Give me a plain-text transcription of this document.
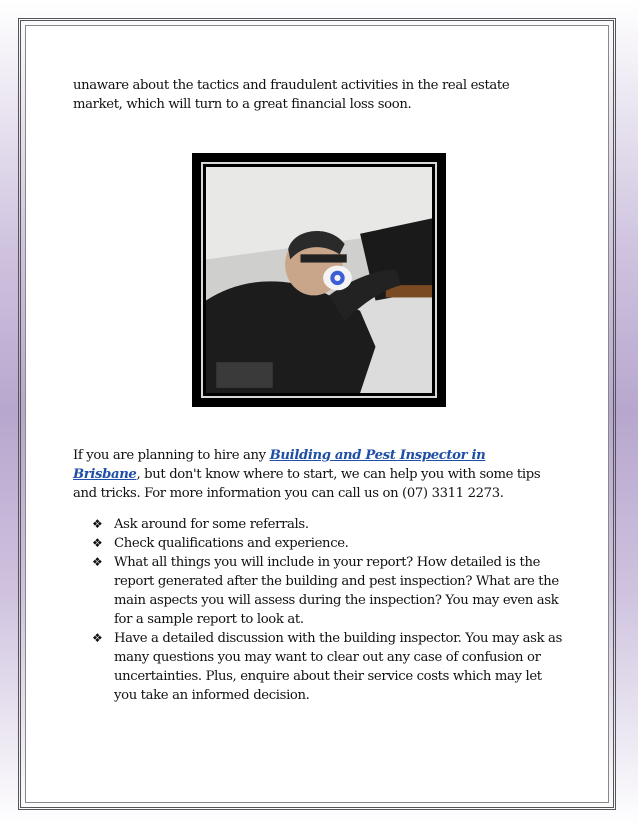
unaware about the tactics and fraudulent activities in the real estate market, which will turn to a great financial loss soon.

If you are planning to hire any Building and Pest Inspector in Brisbane, but don't know where to start, we can help you with some tips and tricks. For more information you can call us on (07) 3311 2273.

❖ Ask around for some referrals.
❖ Check qualifications and experience.
❖ What all things you will include in your report? How detailed is the report generated after the building and pest inspection? What are the main aspects you will assess during the inspection? You may even ask for a sample report to look at.
❖ Have a detailed discussion with the building inspector. You may ask as many questions you may want to clear out any case of confusion or uncertainties. Plus, enquire about their service costs which may let you take an informed decision.
